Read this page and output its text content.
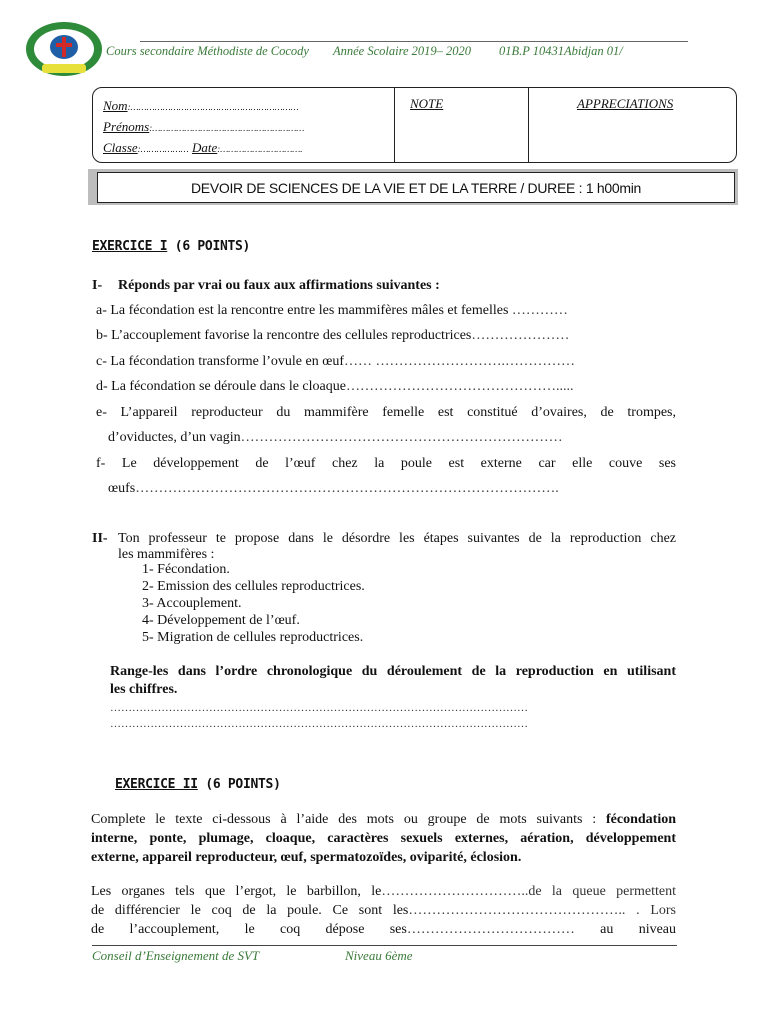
Cours secondaire Méthodiste de Cocody Année Scolaire 2019– 2020 01B.P 10431Abidjan 01/
Nom:………………………………………………………
Prénoms:…………………………………………………
Classe:……………… Date:………………………….
NOTE	APPRECIATIONS
DEVOIR DE SCIENCES DE LA VIE ET DE LA TERRE / DUREE : 1 h00min
EXERCICE I (6 POINTS)
I- Réponds par vrai ou faux aux affirmations suivantes :
a- La fécondation est la rencontre entre les mammifères mâles et femelles …………
b- L’accouplement favorise la rencontre des cellules reproductrices…………………
c- La fécondation transforme l’ovule en œuf…… ……………………….……………
d- La fécondation se déroule dans le cloaque……………………………………….....
e- L’appareil reproducteur du mammifère femelle est constitué d’ovaires, de trompes,
d’oviductes, d’un vagin……………………………………………………………
f- Le développement de l’œuf chez la poule est externe car elle couve ses
œufs……………………………………………………………………………….
II- Ton professeur te propose dans le désordre les étapes suivantes de la reproduction chez
les mammifères :
1- Fécondation.
2- Emission des cellules reproductrices.
3- Accouplement.
4- Développement de l’œuf.
5- Migration de cellules reproductrices.
Range-les dans l’ordre chronologique du déroulement de la reproduction en utilisant
les chiffres.
……………………………………………………………………………………………………
……………………………………………………………………………………………………
EXERCICE II (6 POINTS)
Complete le texte ci-dessous à l’aide des mots ou groupe de mots suivants : fécondation
interne, ponte, plumage, cloaque, caractères sexuels externes, aération, développement
externe, appareil reproducteur, œuf, spermatozoïdes, oviparité, éclosion.
Les organes tels que l’ergot, le barbillon, le…………………………..de la queue permettent
de différencier le coq de la poule. Ce sont les……………………………………….. . Lors
de l’accouplement, le coq dépose ses……………………………… au niveau
Conseil d’Enseignement de SVT	Niveau 6ème
